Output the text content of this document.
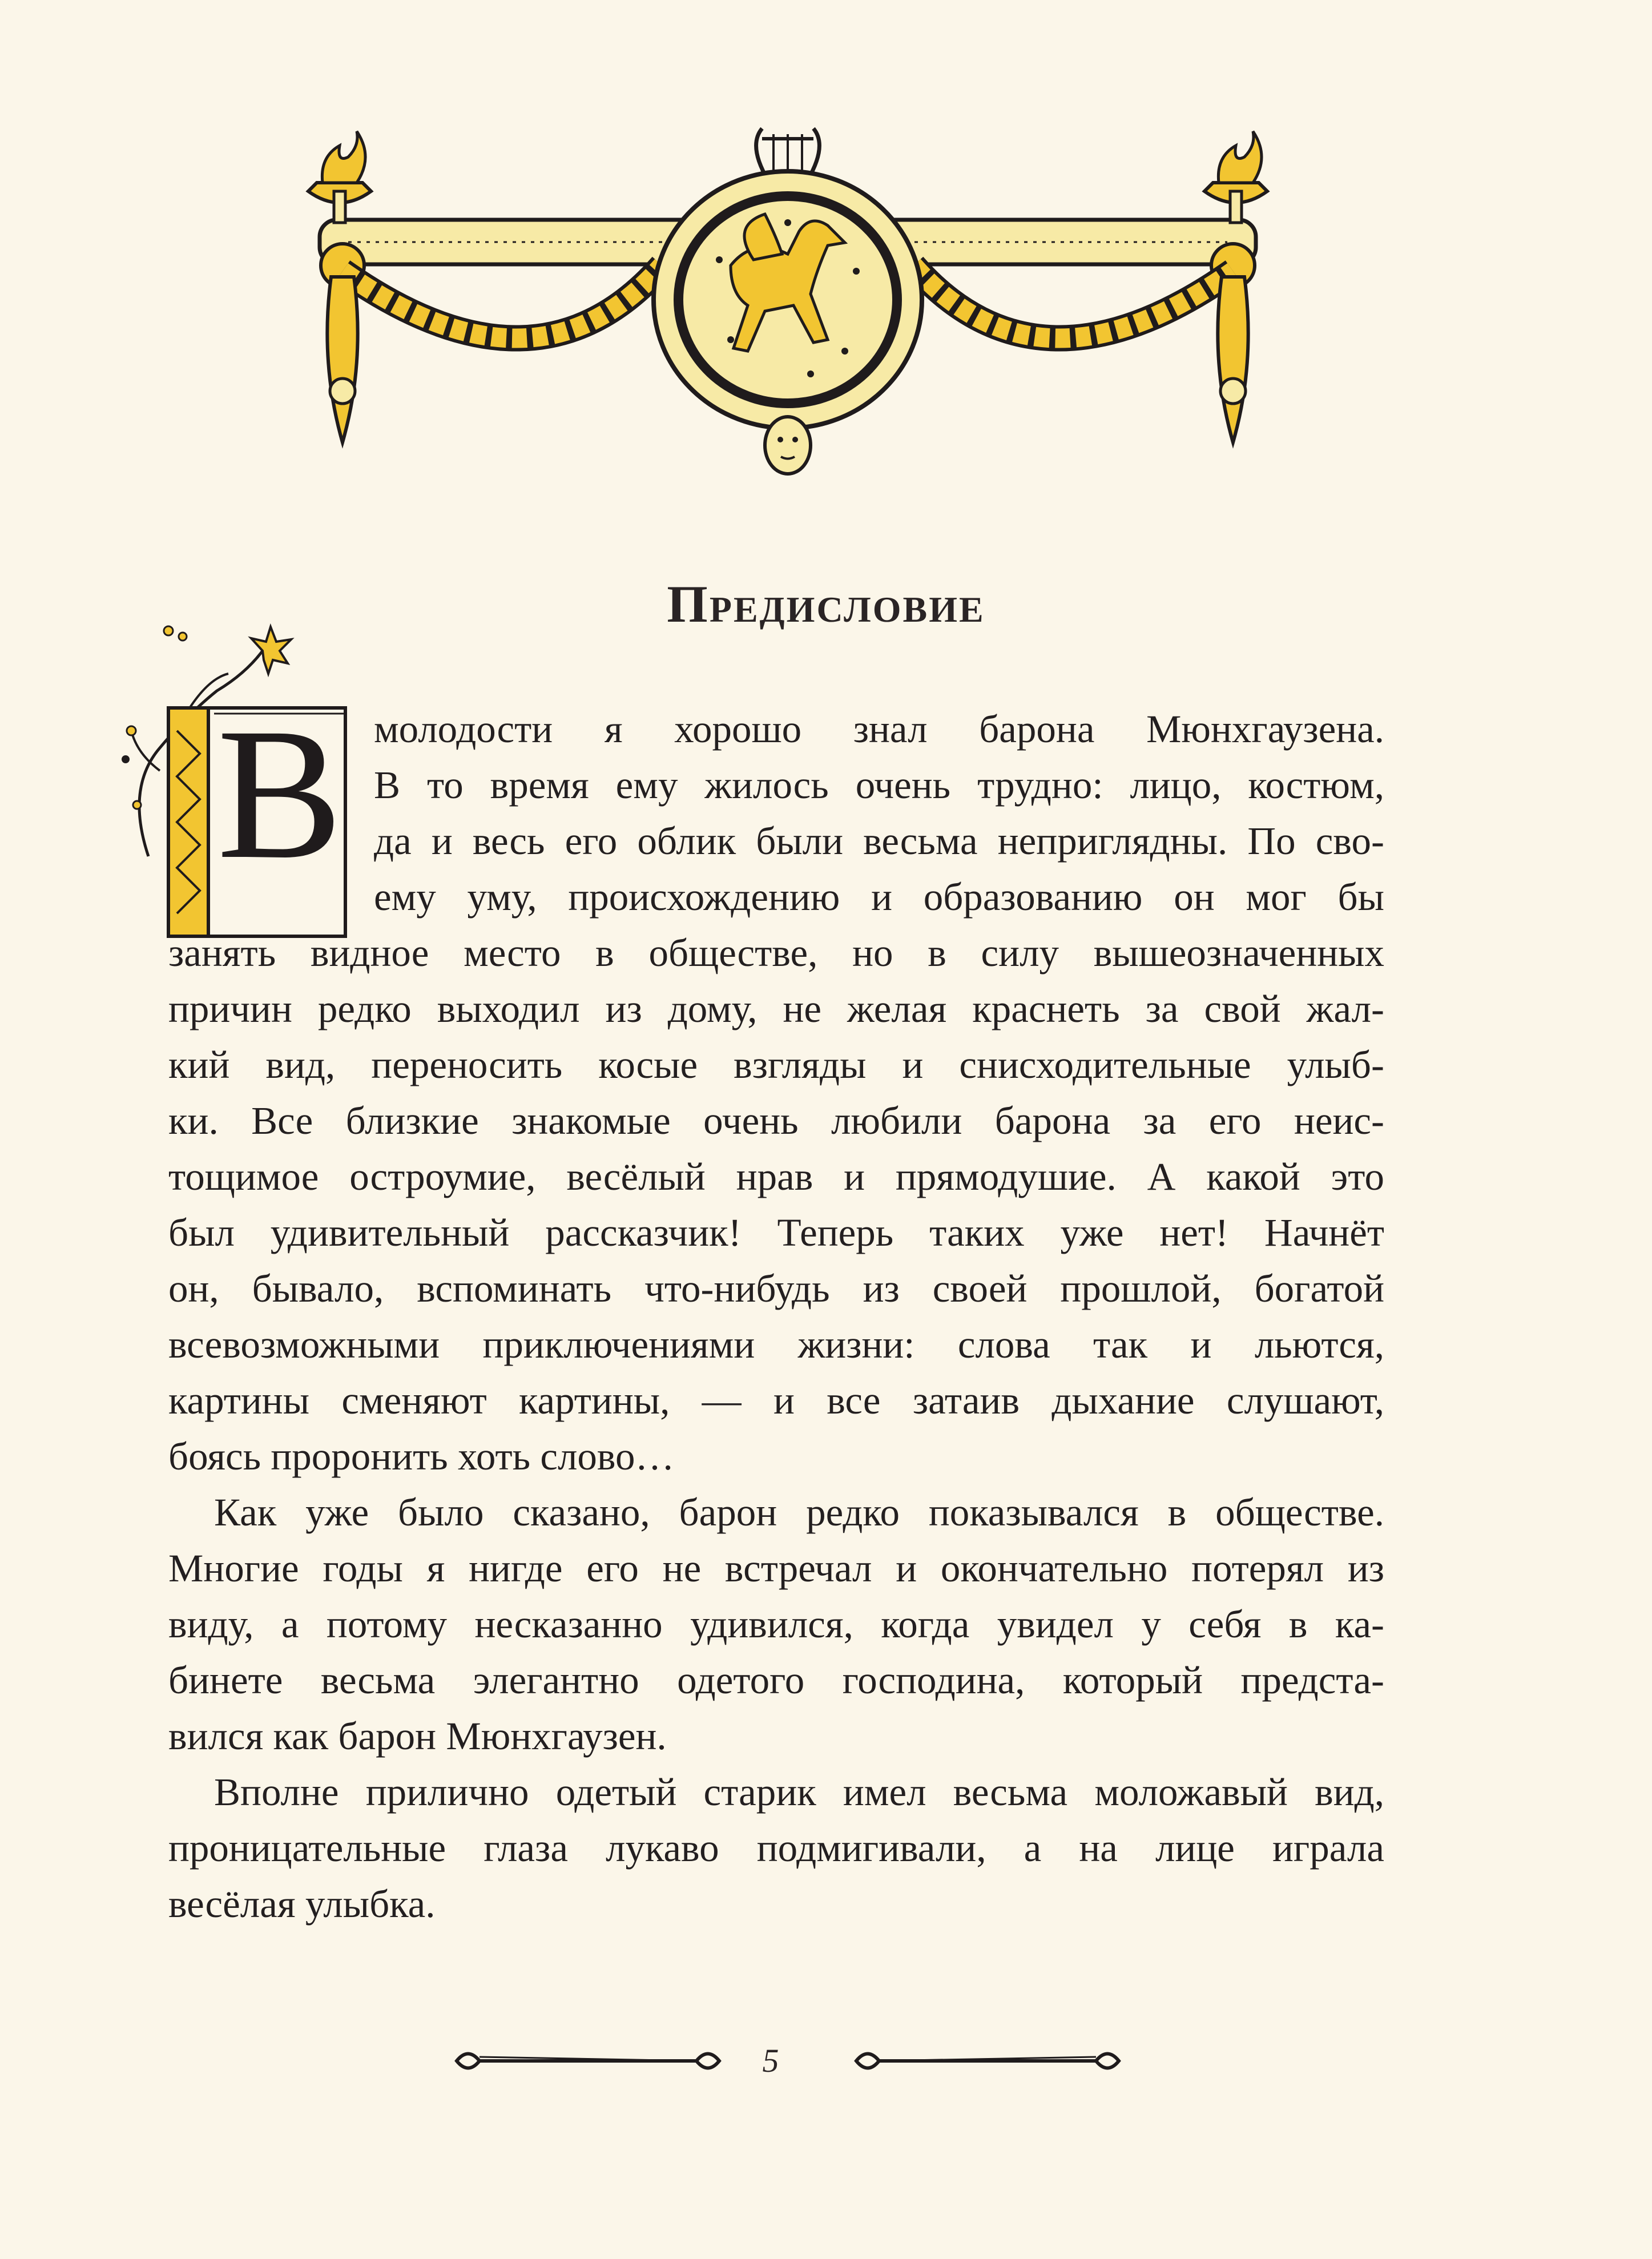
Предисловие
В молодости я хорошо знал барона Мюнхгаузена.
В то время ему жилось очень трудно: лицо, костюм,
да и весь его облик были весьма неприглядны. По сво-
ему уму, происхождению и образованию он мог бы
занять видное место в обществе, но в силу вышеозначенных
причин редко выходил из дому, не желая краснеть за свой жал-
кий вид, переносить косые взгляды и снисходительные улыб-
ки. Все близкие знакомые очень любили барона за его неис-
тощимое остроумие, весёлый нрав и прямодушие. А какой это
был удивительный рассказчик! Теперь таких уже нет! Начнёт
он, бывало, вспоминать что-нибудь из своей прошлой, богатой
всевозможными приключениями жизни: слова так и льются,
картины сменяют картины, — и все затаив дыхание слушают,
боясь проронить хоть слово…
Как уже было сказано, барон редко показывался в обществе.
Многие годы я нигде его не встречал и окончательно потерял из
виду, а потому несказанно удивился, когда увидел у себя в ка-
бинете весьма элегантно одетого господина, который предста-
вился как барон Мюнхгаузен.
Вполне прилично одетый старик имел весьма моложавый вид,
проницательные глаза лукаво подмигивали, а на лице играла
весёлая улыбка.
5
